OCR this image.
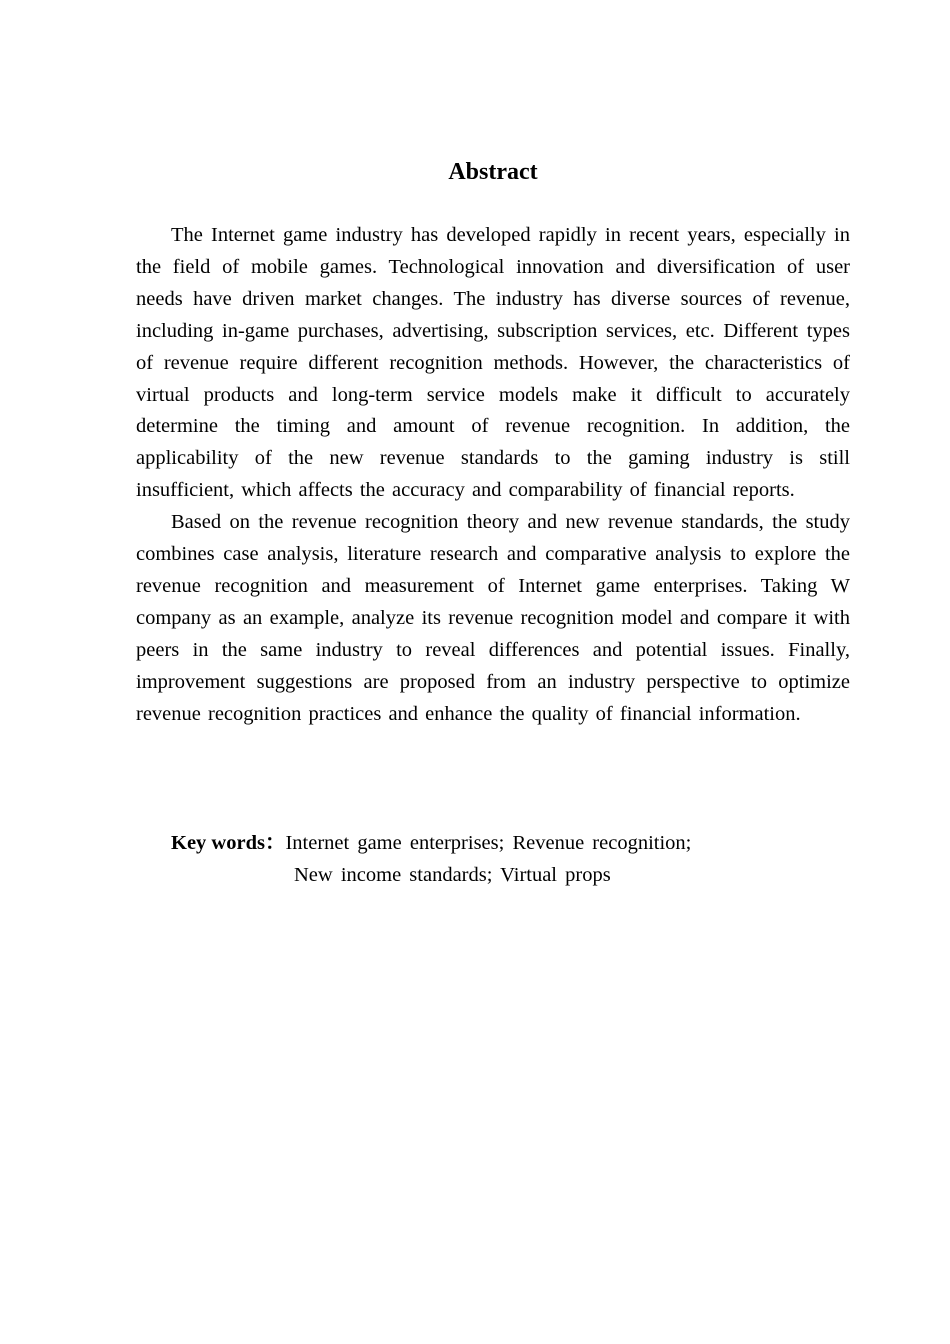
Abstract

The Internet game industry has developed rapidly in recent years, especially in the field of mobile games. Technological innovation and diversification of user needs have driven market changes. The industry has diverse sources of revenue, including in-game purchases, advertising, subscription services, etc. Different types of revenue require different recognition methods. However, the characteristics of virtual products and long-term service models make it difficult to accurately determine the timing and amount of revenue recognition. In addition, the applicability of the new revenue standards to the gaming industry is still insufficient, which affects the accuracy and comparability of financial reports.

Based on the revenue recognition theory and new revenue standards, the study combines case analysis, literature research and comparative analysis to explore the revenue recognition and measurement of Internet game enterprises. Taking W company as an example, analyze its revenue recognition model and compare it with peers in the same industry to reveal differences and potential issues. Finally, improvement suggestions are proposed from an industry perspective to optimize revenue recognition practices and enhance the quality of financial information.

Key words： Internet game enterprises; Revenue recognition;
New income standards; Virtual props
